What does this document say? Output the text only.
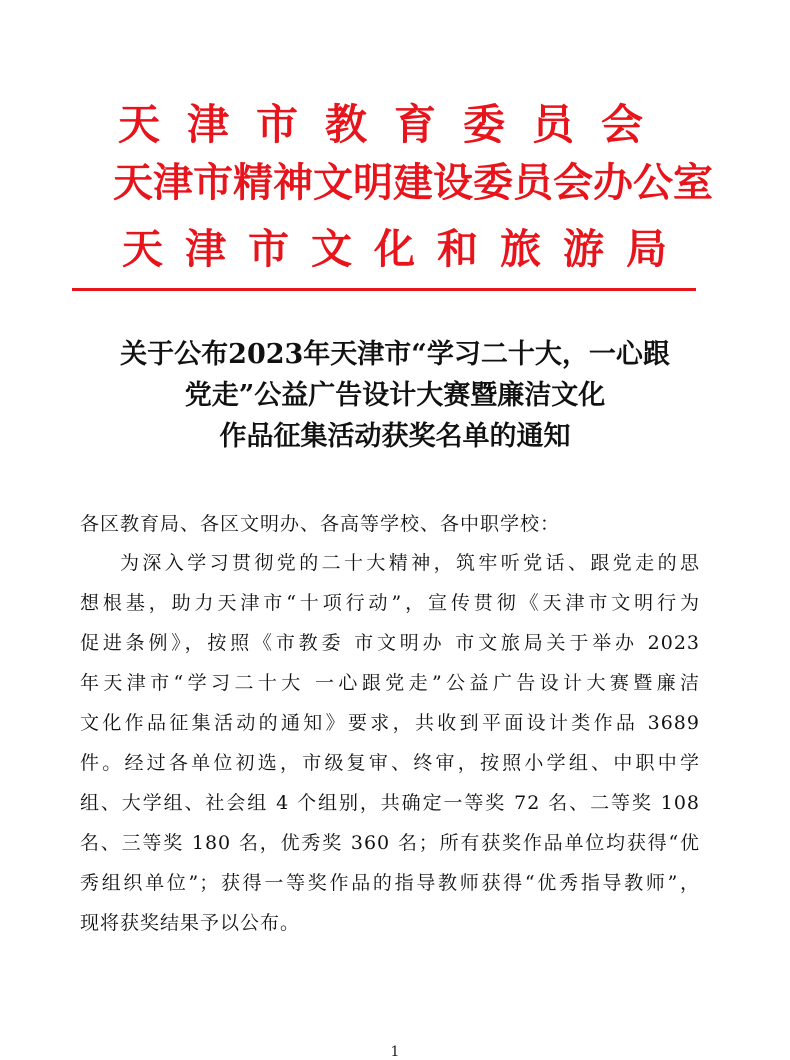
天津市教育委员会
天津市精神文明建设委员会办公室
天津市文化和旅游局
关于公布2023年天津市“学习二十大，一心跟
党走”公益广告设计大赛暨廉洁文化
作品征集活动获奖名单的通知
各区教育局、各区文明办、各高等学校、各中职学校：
为深入学习贯彻党的二十大精神，筑牢听党话、跟党走的思
想根基，助力天津市“十项行动”，宣传贯彻《天津市文明行为
促进条例》，按照《市教委 市文明办 市文旅局关于举办 2023
年天津市“学习二十大 一心跟党走”公益广告设计大赛暨廉洁
文化作品征集活动的通知》要求，共收到平面设计类作品 3689
件。经过各单位初选，市级复审、终审，按照小学组、中职中学
组、大学组、社会组 4 个组别，共确定一等奖 72 名、二等奖 108
名、三等奖 180 名，优秀奖 360 名；所有获奖作品单位均获得“优
秀组织单位”；获得一等奖作品的指导教师获得“优秀指导教师”，
现将获奖结果予以公布。
1
